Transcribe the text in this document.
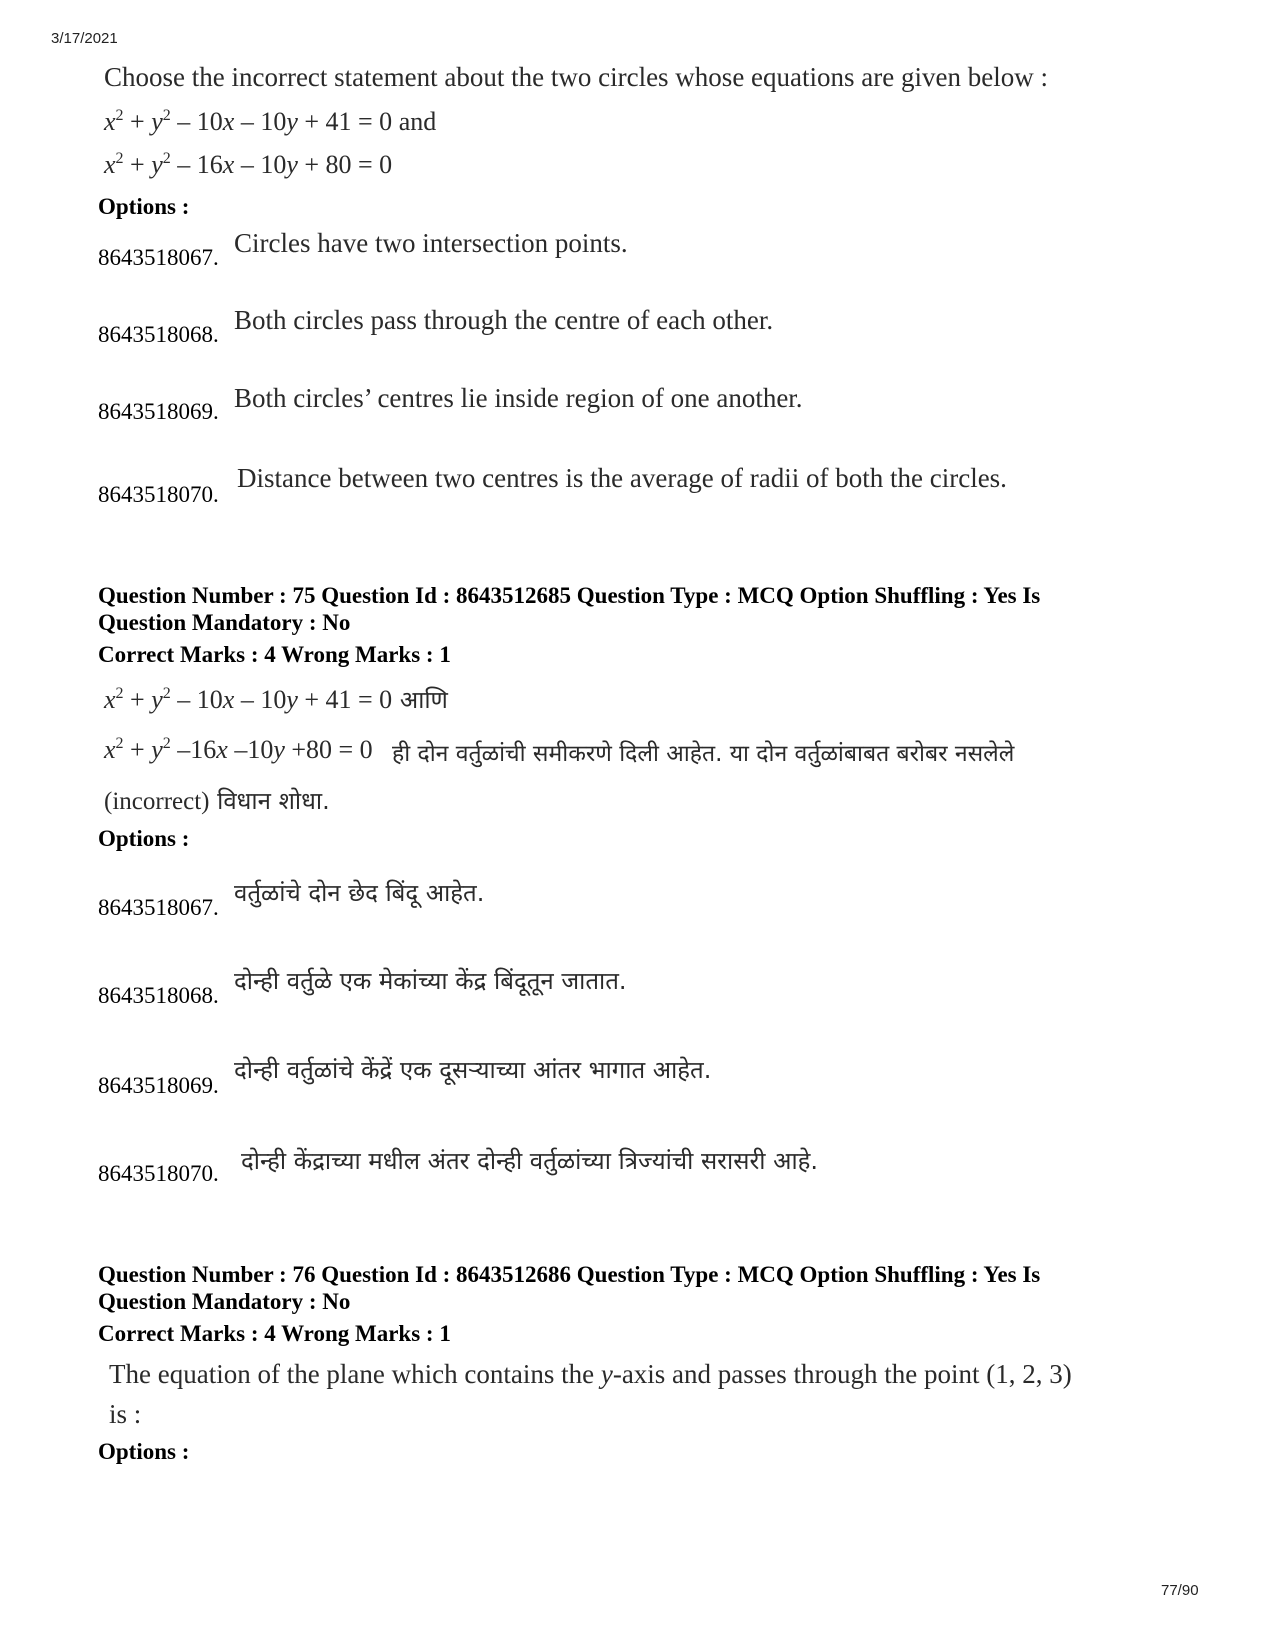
3/17/2021
77/90
Choose the incorrect statement about the two circles whose equations are given below :
$x^2 + y^2 - 10x - 10y + 41 = 0$ and
$x^2 + y^2 - 16x - 10y + 80 = 0$
Options :
8643518067. Circles have two intersection points.
8643518068. Both circles pass through the centre of each other.
8643518069. Both circles’ centres lie inside region of one another.
8643518070.
Distance between two centres is the average of radii of both the circles.
Question Number : 75 Question Id : 8643512685 Question Type : MCQ Option Shuffling : Yes Is
Question Mandatory : No
Correct Marks : 4 Wrong Marks : 1
$x^2 + y^2 - 10x - 10y + 41 = 0$ आणि
$x^2 + y^2$ –16x –10y +80 = 0 ही दोन वर्तुळांची समीकरणे दिली आहेत. या दोन वर्तुळांबाबत बरोबर नसलेले
(incorrect) विधान शोधा.
Options :
8643518067.
वर्तुळांचे दोन छेद बिंदू आहेत.
8643518068.
दोन्ही वर्तुळे एक मेकांच्या केंद्र बिंदूतून जातात.
8643518069.
दोन्ही वर्तुळांचे केंद्रें एक दूसऱ्याच्या आंतर भागात आहेत.
8643518070. दोन्ही केंद्राच्या मधील अंतर दोन्ही वर्तुळांच्या त्रिज्यांची सरासरी आहे.
Question Number : 76 Question Id : 8643512686 Question Type : MCQ Option Shuffling : Yes Is
Question Mandatory : No
Correct Marks : 4 Wrong Marks : 1
The equation of the plane which contains the y-axis and passes through the point (1, 2, 3)
is :
Options :
